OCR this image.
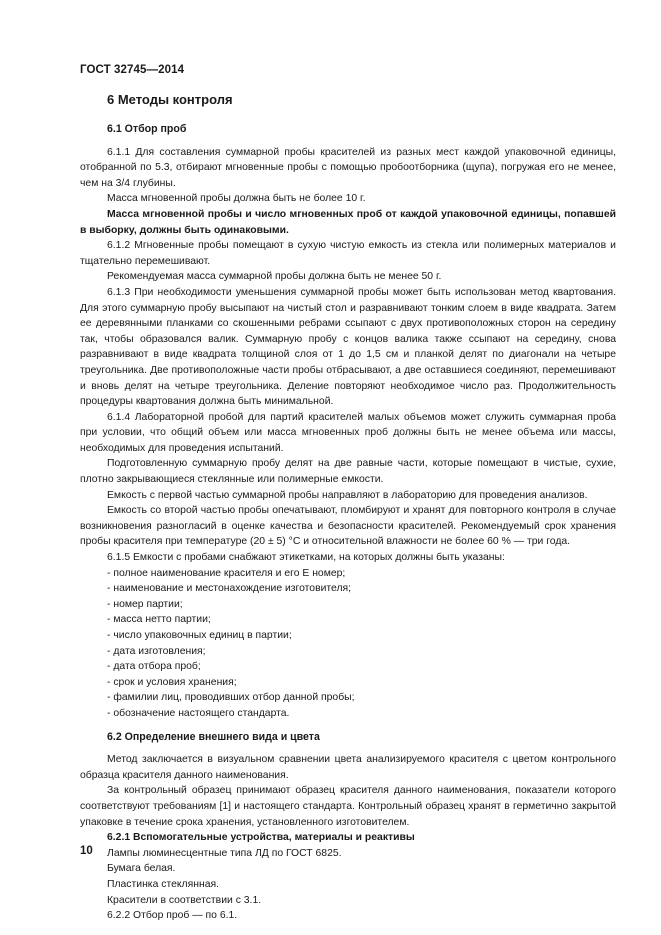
ГОСТ 32745—2014
6 Методы контроля
6.1 Отбор проб

6.1.1 Для составления суммарной пробы красителей из разных мест каждой упаковочной единицы, отобранной по 5.3, отбирают мгновенные пробы с помощью пробоотборника (щупа), погружая его не менее, чем на 3/4 глубины.

Масса мгновенной пробы должна быть не более 10 г.

Масса мгновенной пробы и число мгновенных проб от каждой упаковочной единицы, попавшей в выборку, должны быть одинаковыми.

6.1.2 Мгновенные пробы помещают в сухую чистую емкость из стекла или полимерных материалов и тщательно перемешивают.

Рекомендуемая масса суммарной пробы должна быть не менее 50 г.

6.1.3 При необходимости уменьшения суммарной пробы может быть использован метод квартования. Для этого суммарную пробу высыпают на чистый стол и разравнивают тонким слоем в виде квадрата. Затем ее деревянными планками со скошенными ребрами ссыпают с двух противоположных сторон на середину так, чтобы образовался валик. Суммарную пробу с концов валика также ссыпают на середину, снова разравнивают в виде квадрата толщиной слоя от 1 до 1,5 см и планкой делят по диагонали на четыре треугольника. Две противоположные части пробы отбрасывают, а две оставшиеся соединяют, перемешивают и вновь делят на четыре треугольника. Деление повторяют необходимое число раз. Продолжительность процедуры квартования должна быть минимальной.

6.1.4 Лабораторной пробой для партий красителей малых объемов может служить суммарная проба при условии, что общий объем или масса мгновенных проб должны быть не менее объема или массы, необходимых для проведения испытаний.

Подготовленную суммарную пробу делят на две равные части, которые помещают в чистые, сухие, плотно закрывающиеся стеклянные или полимерные емкости.

Емкость с первой частью суммарной пробы направляют в лабораторию для проведения анализов.

Емкость со второй частью пробы опечатывают, пломбируют и хранят для повторного контроля в случае возникновения разногласий в оценке качества и безопасности красителей. Рекомендуемый срок хранения пробы красителя при температуре (20 ± 5) °С и относительной влажности не более 60 % — три года.

6.1.5 Емкости с пробами снабжают этикетками, на которых должны быть указаны:

- полное наименование красителя и его Е номер;

- наименование и местонахождение изготовителя;

- номер партии;

- масса нетто партии;

- число упаковочных единиц в партии;

- дата изготовления;

- дата отбора проб;

- срок и условия хранения;

- фамилии лиц, проводивших отбор данной пробы;

- обозначение настоящего стандарта.

6.2 Определение внешнего вида и цвета

Метод заключается в визуальном сравнении цвета анализируемого красителя с цветом контрольного образца красителя данного наименования.

За контрольный образец принимают образец красителя данного наименования, показатели которого соответствуют требованиям [1] и настоящего стандарта. Контрольный образец хранят в герметично закрытой упаковке в течение срока хранения, установленного изготовителем.

6.2.1 Вспомогательные устройства, материалы и реактивы

Лампы люминесцентные типа ЛД по ГОСТ 6825.

Бумага белая.

Пластинка стеклянная.

Красители в соответствии с 3.1.

6.2.2 Отбор проб — по 6.1.

10
